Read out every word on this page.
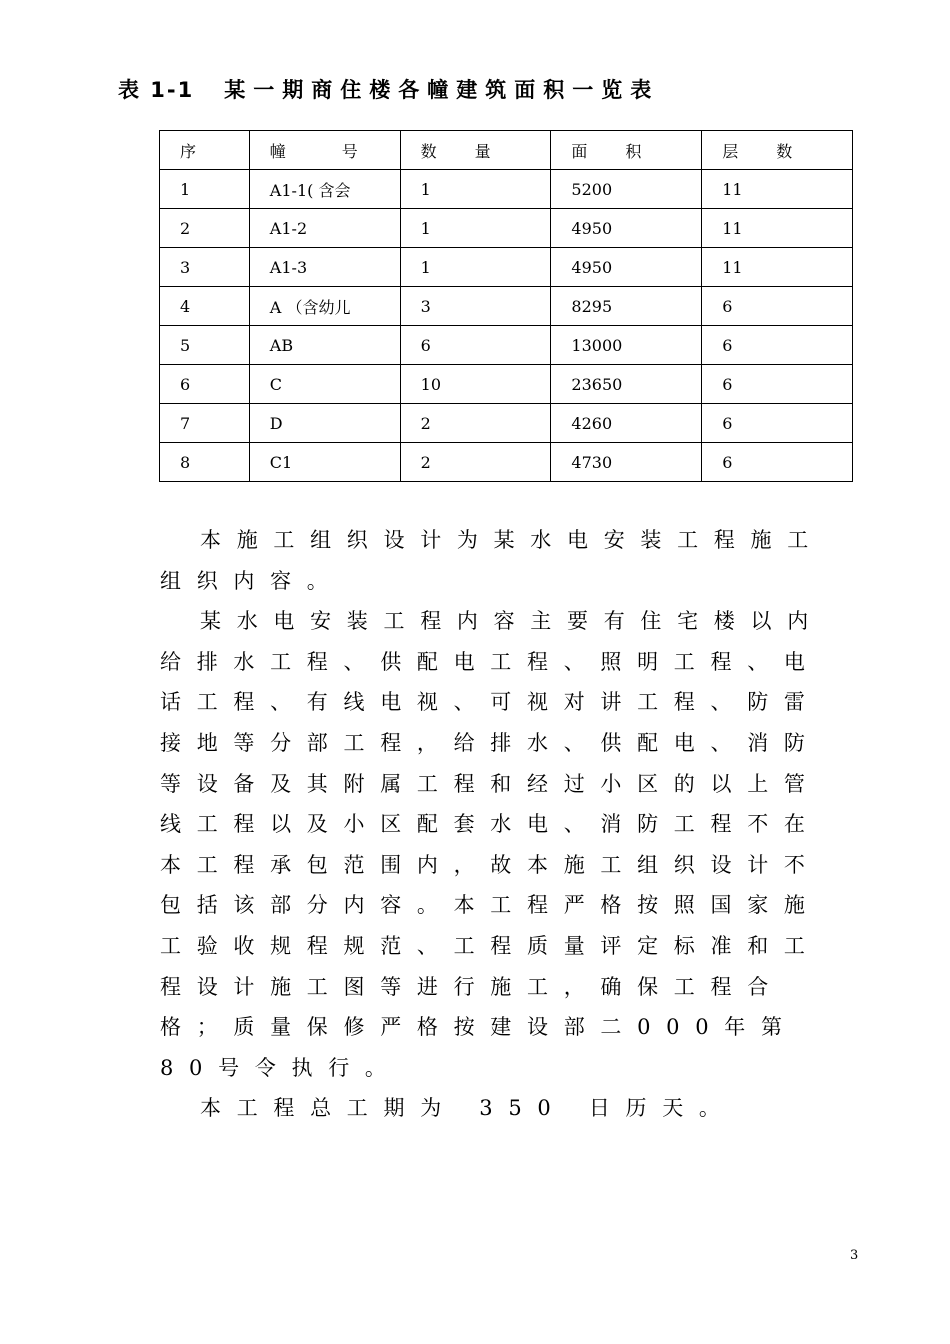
表 1-1 某一期商住楼各幢建筑面积一览表
序	幢　　　号	数　　量	面　　积	层　　数
1	A1-1( 含会	1	5200	11
2	A1-2	1	4950	11
3	A1-3	1	4950	11
4	A （含幼儿	3	8295	6
5	AB	6	13000	6
6	C	10	23650	6
7	D	2	4260	6
8	C1	2	4730	6

本施工组织设计为某水电安装工程施工组织内容。

某水电安装工程内容主要有住宅楼以内给排水工程、供配电工程、照明工程、电话工程、有线电视、可视对讲工程、防雷接地等分部工程，给排水、供配电、消防等设备及其附属工程和经过小区的以上管线工程以及小区配套水电、消防工程不在本工程承包范围内，故本施工组织设计不包括该部分内容。本工程严格按照国家施工验收规程规范、工程质量评定标准和工程设计施工图等进行施工，确保工程合格；质量保修严格按建设部二000年第80号令执行。

本工程总工期为 350 日历天。

3
